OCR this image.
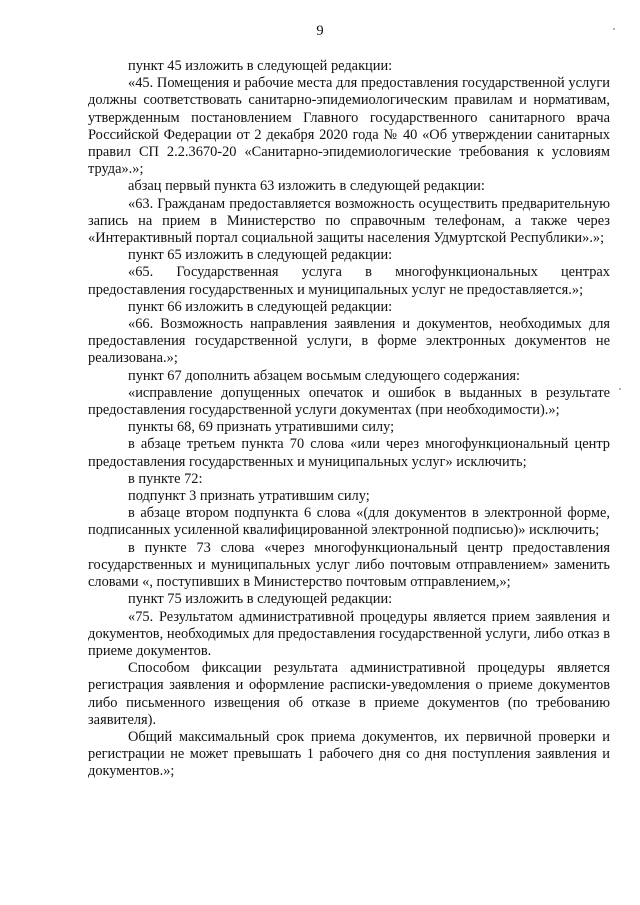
9

пункт 45 изложить в следующей редакции:

«45. Помещения и рабочие места для предоставления государственной услуги должны соответствовать санитарно-эпидемиологическим правилам и нормативам, утвержденным постановлением Главного государственного санитарного врача Российской Федерации от 2 декабря 2020 года № 40 «Об утверждении санитарных правил СП 2.2.3670-20 «Санитарно-эпидемиологические требования к условиям труда».»;

абзац первый пункта 63 изложить в следующей редакции:

«63. Гражданам предоставляется возможность осуществить предварительную запись на прием в Министерство по справочным телефонам, а также через «Интерактивный портал социальной защиты населения Удмуртской Республики».»;

пункт 65 изложить в следующей редакции:

«65. Государственная услуга в многофункциональных центрах предоставления государственных и муниципальных услуг не предоставляется.»;

пункт 66 изложить в следующей редакции:

«66. Возможность направления заявления и документов, необходимых для предоставления государственной услуги, в форме электронных документов не реализована.»;

пункт 67 дополнить абзацем восьмым следующего содержания:

«исправление допущенных опечаток и ошибок в выданных в результате предоставления государственной услуги документах (при необходимости).»;

пункты 68, 69 признать утратившими силу;

в абзаце третьем пункта 70 слова «или через многофункциональный центр предоставления государственных и муниципальных услуг» исключить;

в пункте 72:

подпункт 3 признать утратившим силу;

в абзаце втором подпункта 6 слова «(для документов в электронной форме, подписанных усиленной квалифицированной электронной подписью)» исключить;

в пункте 73 слова «через многофункциональный центр предоставления государственных и муниципальных услуг либо почтовым отправлением» заменить словами «, поступивших в Министерство почтовым отправлением,»;

пункт 75 изложить в следующей редакции:

«75. Результатом административной процедуры является прием заявления и документов, необходимых для предоставления государственной услуги, либо отказ в приеме документов.

Способом фиксации результата административной процедуры является регистрация заявления и оформление расписки-уведомления о приеме документов либо письменного извещения об отказе в приеме документов (по требованию заявителя).

Общий максимальный срок приема документов, их первичной проверки и регистрации не может превышать 1 рабочего дня со дня поступления заявления и документов.»;
